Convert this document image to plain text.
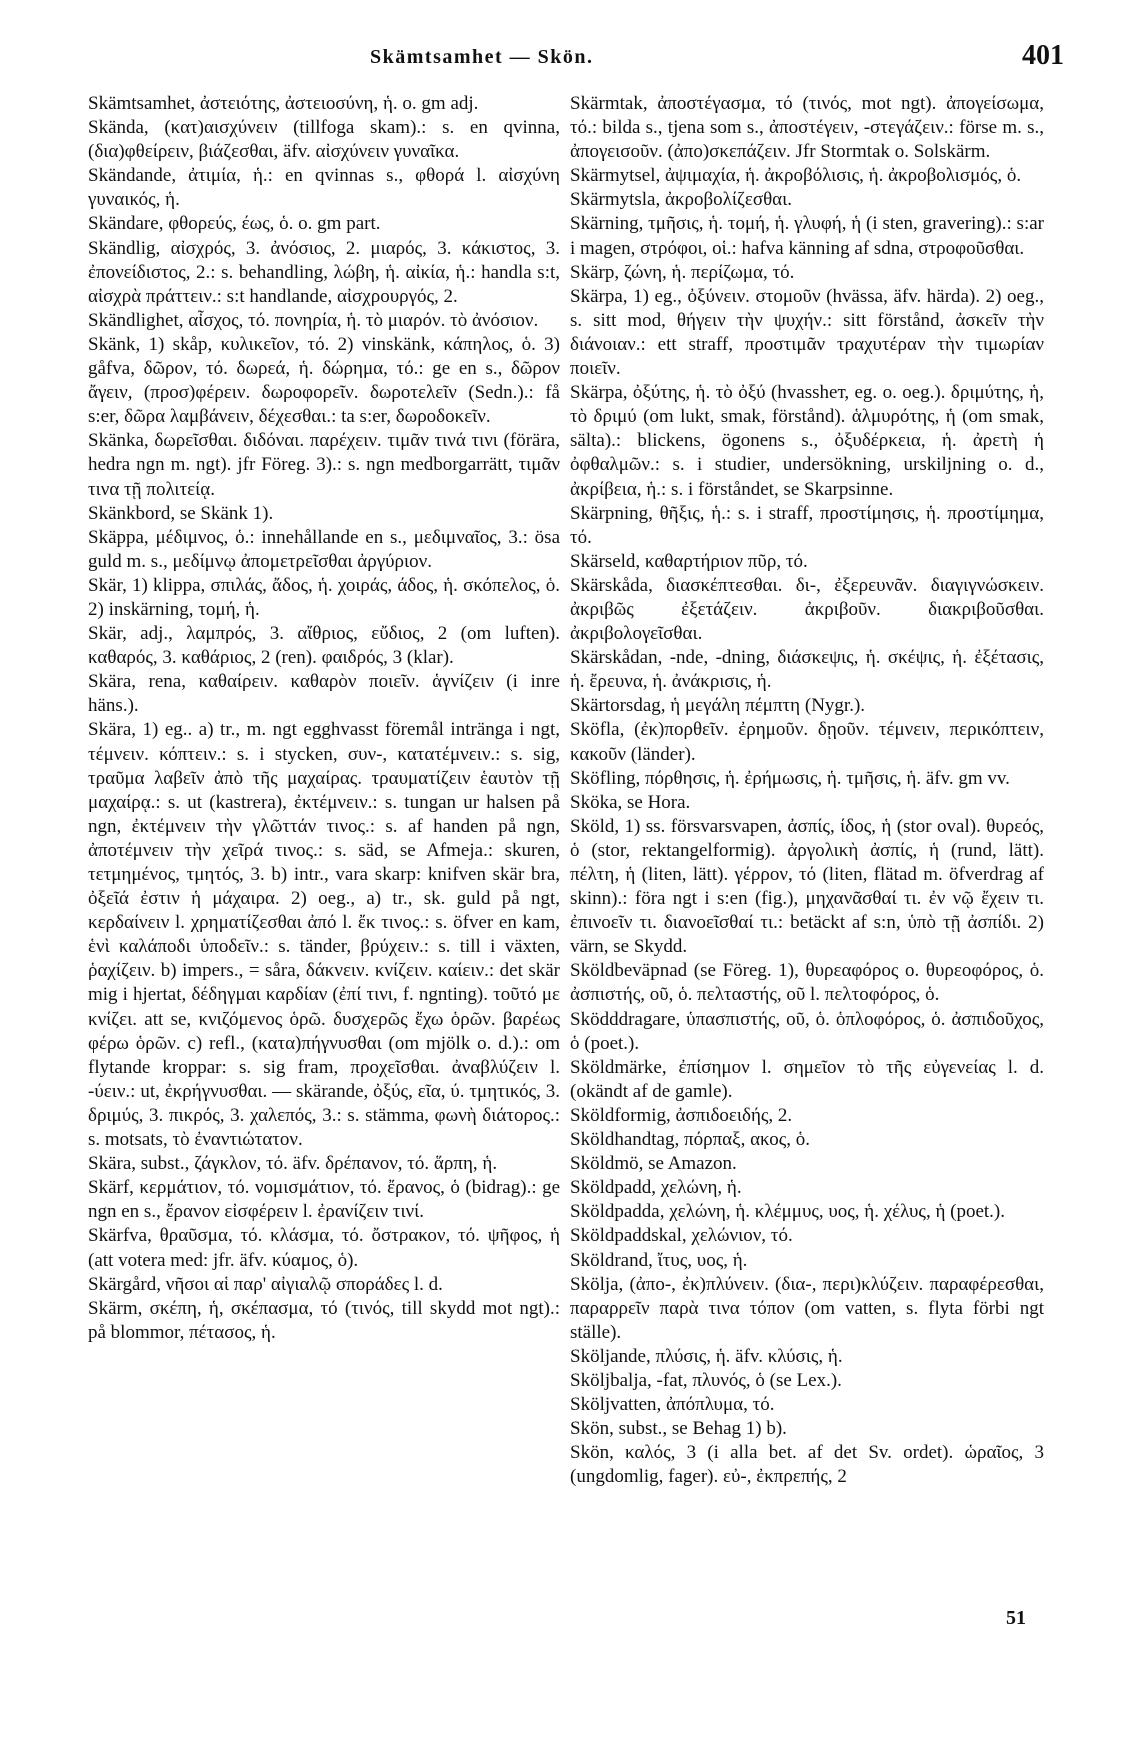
Skämtsamhet — Skön.	401

Skämtsamhet, ἀστειότης, ἀστειοσύνη, ἡ. o. gm adj.

Skända, (κατ)αισχύνειν (tillfoga skam).: s. en qvinna, (δια)φθείρειν, βιάζεσθαι, äfv. αἰσχύνειν γυναῖκα.

Skändande, ἀτιμία, ἡ.: en qvinnas s., φθορά l. αἰσχύνη γυναικός, ἡ.

Skändare, φθορεύς, έως, ὁ. o. gm part.

Skändlig, αἰσχρός, 3. ἀνόσιος, 2. μιαρός, 3. κάκιστος, 3. ἐπονείδιστος, 2.: s. behandling, λώβη, ἡ. αἰκία, ἡ.: handla s:t, αἰσχρὰ πράττειν.: s:t handlande, αἰσχρουργός, 2.

Skändlighet, αἶσχος, τό. πονηρία, ἡ. τὸ μιαρόν. τὸ ἀνόσιον.

Skänk, 1) skåp, κυλικεῖον, τό. 2) vinskänk, κάπηλος, ὁ. 3) gåfva, δῶρον, τό. δωρεά, ἡ. δώρημα, τό.: ge en s., δῶρον ἄγειν, (προσ)φέρειν. δωροφορεῖν. δωροτελεῖν (Sedn.).: få s:er, δῶρα λαμβάνειν, δέχεσθαι.: ta s:er, δωροδοκεῖν.

Skänka, δωρεῖσθαι. διδόναι. παρέχειν. τιμᾶν τινά τινι (förära, hedra ngn m. ngt). jfr Föreg. 3).: s. ngn medborgarrätt, τιμᾶν τινα τῇ πολιτείᾳ.

Skänkbord, se Skänk 1).

Skäppa, μέδιμνος, ὁ.: innehållande en s., μεδιμναῖος, 3.: ösa guld m. s., μεδίμνῳ ἀπομετρεῖσθαι ἀργύριον.

Skär, 1) klippa, σπιλάς, ἄδος, ἡ. χοιράς, άδος, ἡ. σκόπελος, ὁ. 2) inskärning, τομή, ἡ.

Skär, adj., λαμπρός, 3. αἴθριος, εὔδιος, 2 (om luften). καθαρός, 3. καθάριος, 2 (ren). φαιδρός, 3 (klar).

Skära, rena, καθαίρειν. καθαρὸν ποιεῖν. ἁγνίζειν (i inre häns.).

Skära, 1) eg.. a) tr., m. ngt egghvasst föremål inträngа i ngt, τέμνειν. κόπτειν.: s. i stycken, συν-, κατατέμνειν.: s. sig, τραῦμα λαβεῖν ἀπὸ τῆς μαχαίρας. τραυματίζειν ἑαυτὸν τῇ μαχαίρᾳ.: s. ut (kastrera), ἐκτέμνειν.: s. tungan ur halsen på ngn, ἐκτέμνειν τὴν γλῶττάν τινος.: s. af handen på ngn, ἀποτέμνειν τὴν χεῖρά τινος.: s. säd, se Afmeja.: skuren, τετμημένος, τμητός, 3. b) intr., vara skarp: knifven skär bra, ὀξεῖά ἐστιν ἡ μάχαιρα. 2) oeg., a) tr., sk. guld på ngt, κερδαίνειν l. χρηματίζεσθαι ἀπό l. ἔκ τινος.: s. öfver en kam, ἑνὶ καλάποδι ὑποδεῖν.: s. tänder, βρύχειν.: s. till i växten, ῥαχίζειν. b) impers., = såra, δάκνειν. κνίζειν. καίειν.: det skär mig i hjertat, δέδηγμαι καρδίαν (ἐπί τινι, f. ngnting). τοῦτό με κνίζει. att se, κνιζόμενος ὁρῶ. δυσχερῶς ἔχω ὁρῶν. βαρέως φέρω ὁρῶν. c) refl., (κατα)πήγνυσθαι (om mjölk o. d.).: om flytande kroppar: s. sig fram, προχεῖσθαι. ἀναβλύζειν l. -ύειν.: ut, ἐκρήγνυσθαι. — skärande, ὀξύς, εῖα, ύ. τμητικός, 3. δριμύς, 3. πικρός, 3. χαλεπός, 3.: s. stämma, φωνὴ διάτορος.: s. motsats, τὸ ἐναντιώτατον.

Skära, subst., ζάγκλον, τό. äfv. δρέπανον, τό. ἅρπη, ἡ.

Skärf, κερμάτιον, τό. νομισμάτιον, τό. ἔρανος, ὁ (bidrag).: ge ngn en s., ἔρανον εἰσφέρειν l. ἐρανίζειν τινί.

Skärfva, θραῦσμα, τό. κλάσμα, τό. ὄστρακον, τό. ψῆφος, ἡ (att votera med: jfr. äfv. κύαμος, ὁ).

Skärgård, νῆσοι αἱ παρ' αἰγιαλῷ σποράδες l. d.

Skärm, σκέπη, ἡ, σκέπασμα, τό (τινός, till skydd mot ngt).: på blommor, πέτασος, ἡ.

Skärmtak, ἀποστέγασμα, τό (τινός, mot ngt). ἀπογείσωμα, τό.: bilda s., tjena som s., ἀποστέγειν, -στεγάζειν.: förse m. s., ἀπογεισοῦν. (ἀπο)σκεπάζειν. Jfr Stormtak o. Solskärm.

Skärmytsel, ἀψιμαχία, ἡ. ἀκροβόλισις, ἡ. ἀκροβολισμός, ὁ.

Skärmytsla, ἀκροβολίζεσθαι.

Skärning, τμῆσις, ἡ. τομή, ἡ. γλυφή, ἡ (i sten, gravering).: s:ar i magen, στρόφοι, οἱ.: hafva känning af sdna, στροφοῦσθαι.

Skärp, ζώνη, ἡ. περίζωμα, τό.

Skärpa, 1) eg., ὀξύνειν. στομοῦν (hvässa, äfv. härda). 2) oeg., s. sitt mod, θήγειν τὴν ψυχήν.: sitt förstånd, ἀσκεῖν τὴν διάνοιαν.: ett straff, προστιμᾶν τραχυτέραν τὴν τιμωρίαν ποιεῖν.

Skärpa, ὀξύτης, ἡ. τὸ ὀξύ (hvassheт, eg. o. oeg.). δριμύτης, ἡ, τὸ δριμύ (om lukt, smak, förstånd). ἁλμυρότης, ἡ (om smak, sälta).: blickens, ögonens s., ὀξυδέρκεια, ἡ. ἀρετὴ ἡ ὀφθαλμῶν.: s. i studier, undersökning, urskiljning o. d., ἀκρίβεια, ἡ.: s. i förståndet, se Skarpsinne.

Skärpning, θῆξις, ἡ.: s. i straff, προστίμησις, ἡ. προστίμημα, τό.

Skärseld, καθαρτήριον πῦρ, τό.

Skärskåda, διασκέπτεσθαι. δι-, ἐξερευνᾶν. διαγιγνώσκειν. ἀκριβῶς ἐξετάζειν. ἀκριβοῦν. διακριβοῦσθαι. ἀκριβολογεῖσθαι.

Skärskådan, -nde, -dning, διάσκεψις, ἡ. σκέψις, ἡ. ἐξέτασις, ἡ. ἔρευνα, ἡ. ἀνάκρισις, ἡ.

Skärtorsdag, ἡ μεγάλη πέμπτη (Nygr.).

Sköfla, (ἐκ)πορθεῖν. ἐρημοῦν. δῃοῦν. τέμνειν, περικόπτειν, κακοῦν (länder).

Sköfling, πόρθησις, ἡ. ἐρήμωσις, ἡ. τμῆσις, ἡ. äfv. gm vv.

Sköka, se Hora.

Sköld, 1) ss. försvarsvapen, ἀσπίς, ίδος, ἡ (stor oval). θυρεός, ὁ (stor, rektangelformig). ἀργολικὴ ἀσπίς, ἡ (rund, lätt). πέλτη, ἡ (liten, lätt). γέρρον, τό (liten, flätad m. öfverdrag af skinn).: föra ngt i s:en (fig.), μηχανᾶσθαί τι. ἐν νῷ ἔχειν τι. ἐπινοεῖν τι. διανοεῖσθαί τι.: betäckt af s:n, ὑπὸ τῇ ἀσπίδι. 2) värn, se Skydd.

Sköldbeväpnad (se Föreg. 1), θυρεαφόρος o. θυρεοφόρος, ὁ. ἀσπιστής, οῦ, ὁ. πελταστής, οῦ l. πελτοφόρος, ὁ.

Sködddragare, ὑπασπιστής, οῦ, ὁ. ὁπλοφόρος, ὁ. ἀσπιδοῦχος, ὁ (poet.).

Sköldmärke, ἐπίσημον l. σημεῖον τὸ τῆς εὐγενείας l. d. (okändt af de gamle).

Sköldformig, ἀσπιδοειδής, 2.

Sköldhandtag, πόρπαξ, ακος, ὁ.

Sköldmö, se Amazon.

Sköldpadd, χελώνη, ἡ.

Sköldpadda, χελώνη, ἡ. κλέμμυς, υος, ἡ. χέλυς, ἡ (poet.).

Sköldpaddskal, χελώνιον, τό.

Sköldrand, ἴτυς, υος, ἡ.

Skölja, (ἀπο-, ἐκ)πλύνειν. (δια-, περι)κλύζειν. παραφέρεσθαι, παραρρεῖν παρὰ τινα τόπον (om vatten, s. flyta förbi ngt ställe).

Sköljande, πλύσις, ἡ. äfv. κλύσις, ἡ.

Sköljbalja, -fat, πλυνός, ὁ (se Lex.).

Sköljvatten, ἀπόπλυμα, τό.

Skön, subst., se Behag 1) b).

Skön, καλός, 3 (i alla bet. af det Sv. ordet). ὡραῖος, 3 (ungdomlig, fager). εὐ-, ἐκπρεπής, 2

51
